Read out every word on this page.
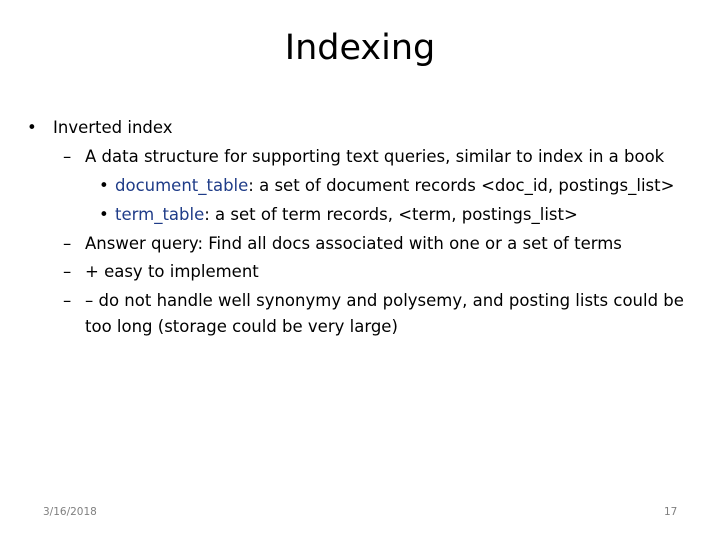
Indexing
• Inverted index
– A data structure for supporting text queries, similar to index in a book
• document_table: a set of document records <doc_id, postings_list>
• term_table: a set of term records, <term, postings_list>
– Answer query: Find all docs associated with one or a set of terms
– + easy to implement
– – do not handle well synonymy and polysemy, and posting lists could be
too long (storage could be very large)
3/16/2018	17
